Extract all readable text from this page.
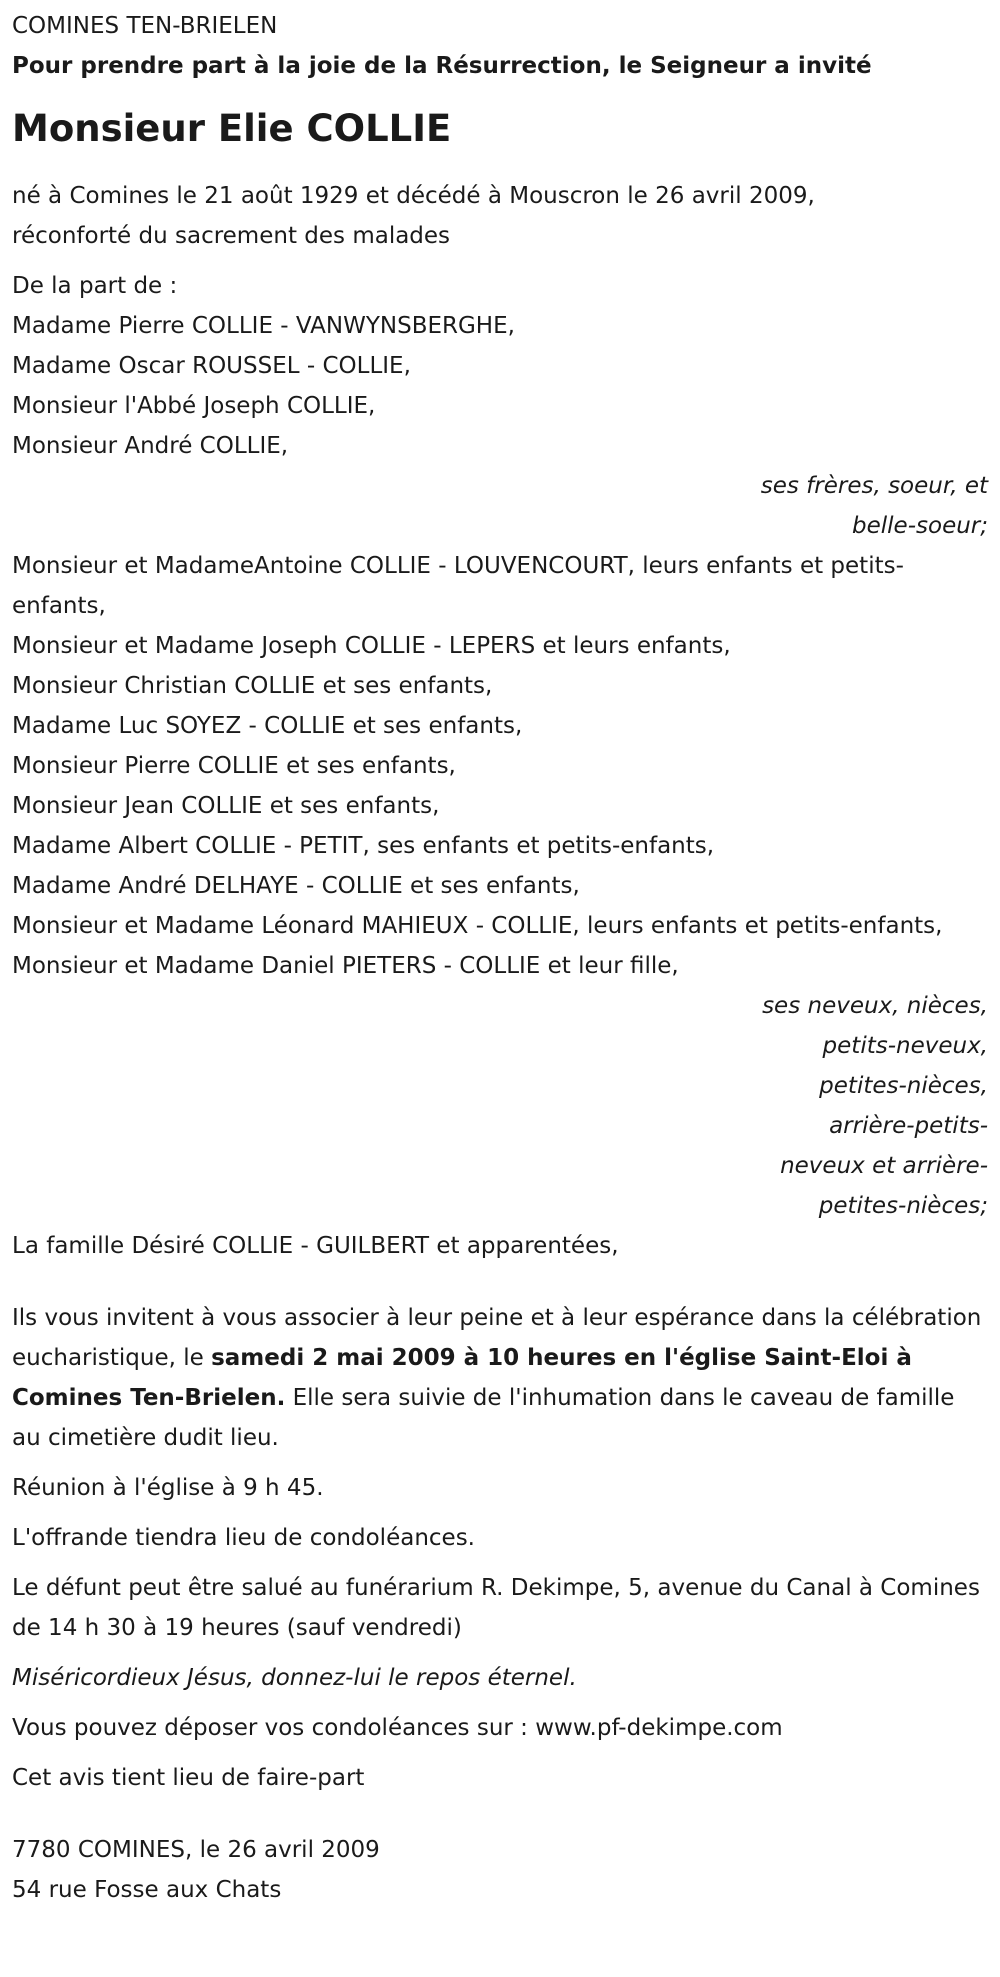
COMINES TEN-BRIELEN

Pour prendre part à la joie de la Résurrection, le Seigneur a invité

Monsieur Elie COLLIE

né à Comines le 21 août 1929 et décédé à Mouscron le 26 avril 2009,

réconforté du sacrement des malades

De la part de :

Madame Pierre COLLIE - VANWYNSBERGHE,

Madame Oscar ROUSSEL - COLLIE,

Monsieur l'Abbé Joseph COLLIE,

Monsieur André COLLIE,

ses frères, soeur, et
belle-soeur;

Monsieur et MadameAntoine COLLIE - LOUVENCOURT, leurs enfants et petits-enfants,

Monsieur et Madame Joseph COLLIE - LEPERS et leurs enfants,

Monsieur Christian COLLIE et ses enfants,

Madame Luc SOYEZ - COLLIE et ses enfants,

Monsieur Pierre COLLIE et ses enfants,

Monsieur Jean COLLIE et ses enfants,

Madame Albert COLLIE - PETIT, ses enfants et petits-enfants,

Madame André DELHAYE - COLLIE et ses enfants,

Monsieur et Madame Léonard MAHIEUX - COLLIE, leurs enfants et petits-enfants,

Monsieur et Madame Daniel PIETERS - COLLIE et leur fille,

ses neveux, nièces,
petits-neveux,
petites-nièces,
arrière-petits-
neveux et arrière-
petites-nièces;

La famille Désiré COLLIE - GUILBERT et apparentées,

Ils vous invitent à vous associer à leur peine et à leur espérance dans la célébration eucharistique, le samedi 2 mai 2009 à 10 heures en l'église Saint-Eloi à Comines Ten-Brielen. Elle sera suivie de l'inhumation dans le caveau de famille au cimetière dudit lieu.

Réunion à l'église à 9 h 45.

L'offrande tiendra lieu de condoléances.

Le défunt peut être salué au funérarium R. Dekimpe, 5, avenue du Canal à Comines de 14 h 30 à 19 heures (sauf vendredi)

Miséricordieux Jésus, donnez-lui le repos éternel.

Vous pouvez déposer vos condoléances sur : www.pf-dekimpe.com

Cet avis tient lieu de faire-part

7780 COMINES, le 26 avril 2009

54 rue Fosse aux Chats
